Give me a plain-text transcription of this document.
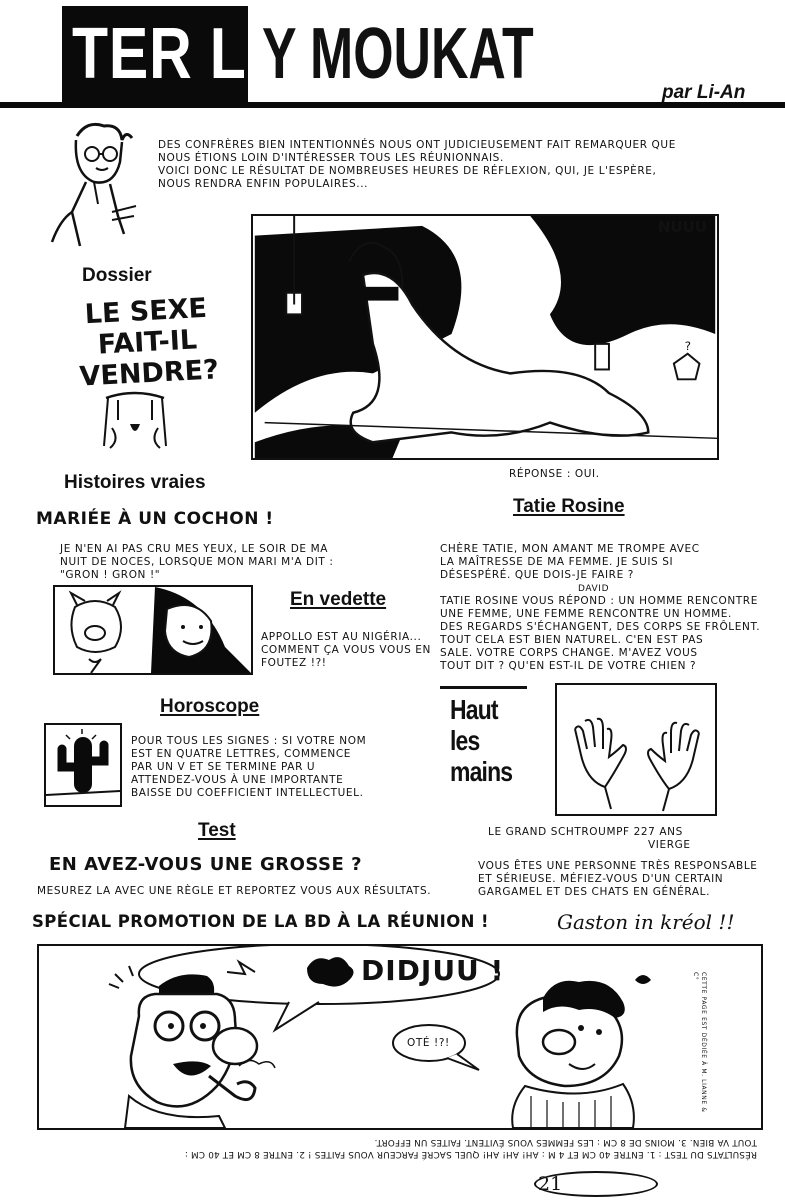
TER LA
Y MOUKAT	par Li-An
DES CONFRÈRES BIEN INTENTIONNÉS NOUS ONT JUDICIEUSEMENT FAIT REMARQUER QUE
NOUS ÉTIONS LOIN D'INTÉRESSER TOUS LES RÉUNIONNAIS.
VOICI DONC LE RÉSULTAT DE NOMBREUSES HEURES DE RÉFLEXION, QUI, JE L'ESPÈRE,
NOUS RENDRA ENFIN POPULAIRES...
Dossier
LE SEXE
FAIT-IL
VENDRE?
?
NUUU
RÉPONSE : OUI.
Histoires vraies
MARIÉE À UN COCHON !
JE N'EN AI PAS CRU MES YEUX, LE SOIR DE MA
NUIT DE NOCES, LORSQUE MON MARI M'A DIT :
"GRON ! GRON !"
En vedette
APPOLLO EST AU NIGÉRIA...
COMMENT ÇA VOUS VOUS EN
FOUTEZ !?!
Tatie Rosine
CHÈRE TATIE, MON AMANT ME TROMPE AVEC
LA MAÎTRESSE DE MA FEMME. JE SUIS SI
DÉSESPÉRÉ. QUE DOIS-JE FAIRE ?
DAVID
TATIE ROSINE VOUS RÉPOND : UN HOMME RENCONTRE
UNE FEMME, UNE FEMME RENCONTRE UN HOMME.
DES REGARDS S'ÉCHANGENT, DES CORPS SE FRÔLENT.
TOUT CELA EST BIEN NATUREL. C'EN EST PAS
SALE. VOTRE CORPS CHANGE. M'AVEZ VOUS
TOUT DIT ? QU'EN EST-IL DE VOTRE CHIEN ?
Horoscope
POUR TOUS LES SIGNES : SI VOTRE NOM
EST EN QUATRE LETTRES, COMMENCE
PAR UN V ET SE TERMINE PAR U
ATTENDEZ-VOUS À UNE IMPORTANTE
BAISSE DU COEFFICIENT INTELLECTUEL.
Haut
les
mains
LE GRAND SCHTROUMPF 227 ANS
VIERGE
VOUS ÊTES UNE PERSONNE TRÈS RESPONSABLE
ET SÉRIEUSE. MÉFIEZ-VOUS D'UN CERTAIN
GARGAMEL ET DES CHATS EN GÉNÉRAL.
Test
EN AVEZ-VOUS UNE GROSSE ?
MESUREZ LA AVEC UNE RÈGLE ET REPORTEZ VOUS AUX RÉSULTATS.
SPÉCIAL PROMOTION DE LA BD À LA RÉUNION !	Gaston in kréol !!
DIDJUU !
OTÉ !?!	CETTE PAGE EST DÉDIÉE À M. LIANNE & C°
RÉSULTATS DU TEST : 1. ENTRE 40 CM ET 4 M : AH! AH! AH! QUEL SACRÉ FARCEUR VOUS FAITES ! 2. ENTRE 8 CM ET 40 CM :
TOUT VA BIEN. 3. MOINS DE 8 CM : LES FEMMES VOUS ÉVITENT. FAITES UN EFFORT.
21
